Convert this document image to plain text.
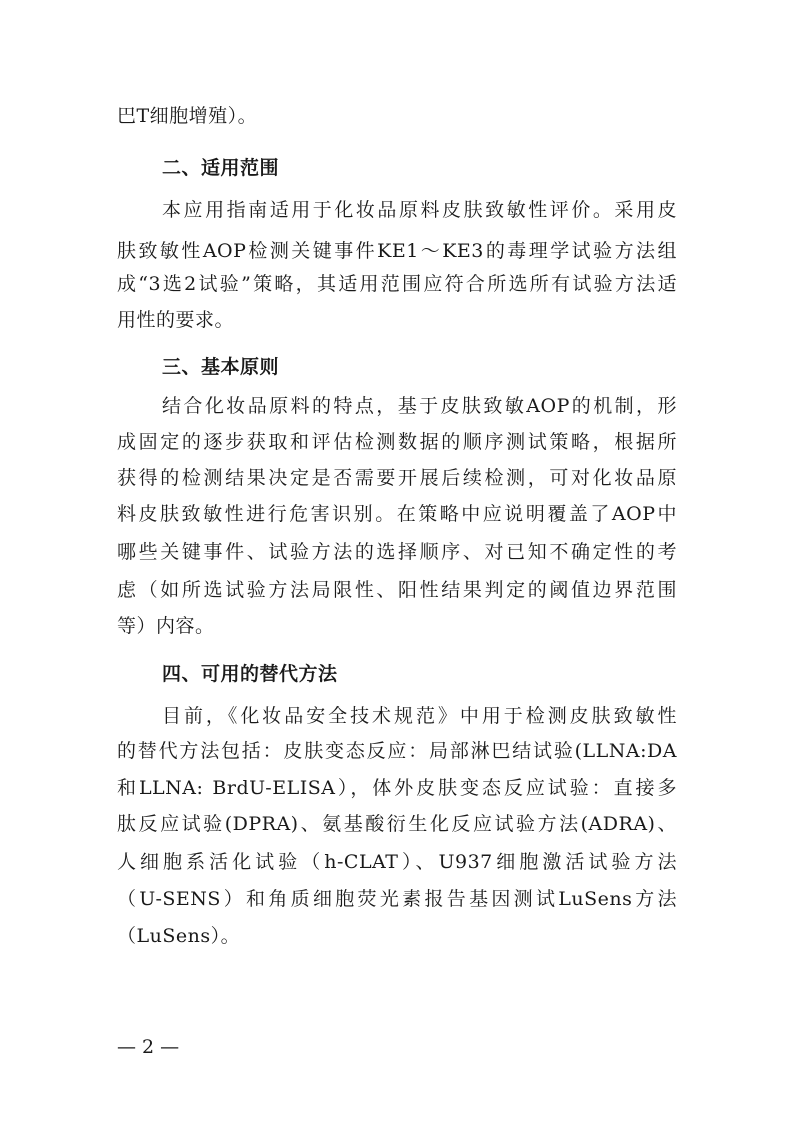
巴T细胞增殖）。
二、适用范围
本应用指南适用于化妆品原料皮肤致敏性评价。采用皮
肤致敏性AOP检测关键事件KE1～KE3的毒理学试验方法组
成“3选2试验”策略，其适用范围应符合所选所有试验方法适
用性的要求。
三、基本原则
结合化妆品原料的特点，基于皮肤致敏AOP的机制，形
成固定的逐步获取和评估检测数据的顺序测试策略，根据所
获得的检测结果决定是否需要开展后续检测，可对化妆品原
料皮肤致敏性进行危害识别。在策略中应说明覆盖了AOP中
哪些关键事件、试验方法的选择顺序、对已知不确定性的考
虑（如所选试验方法局限性、阳性结果判定的阈值边界范围
等）内容。
四、可用的替代方法
目前，《化妆品安全技术规范》中用于检测皮肤致敏性
的替代方法包括：皮肤变态反应：局部淋巴结试验(LLNA:DA
和LLNA: BrdU-ELISA），体外皮肤变态反应试验：直接多
肽反应试验(DPRA)、氨基酸衍生化反应试验方法(ADRA)、
人细胞系活化试验（h-CLAT）、U937细胞激活试验方法
（U-SENS）和角质细胞荧光素报告基因测试LuSens方法
（LuSens）。
— 2 —
